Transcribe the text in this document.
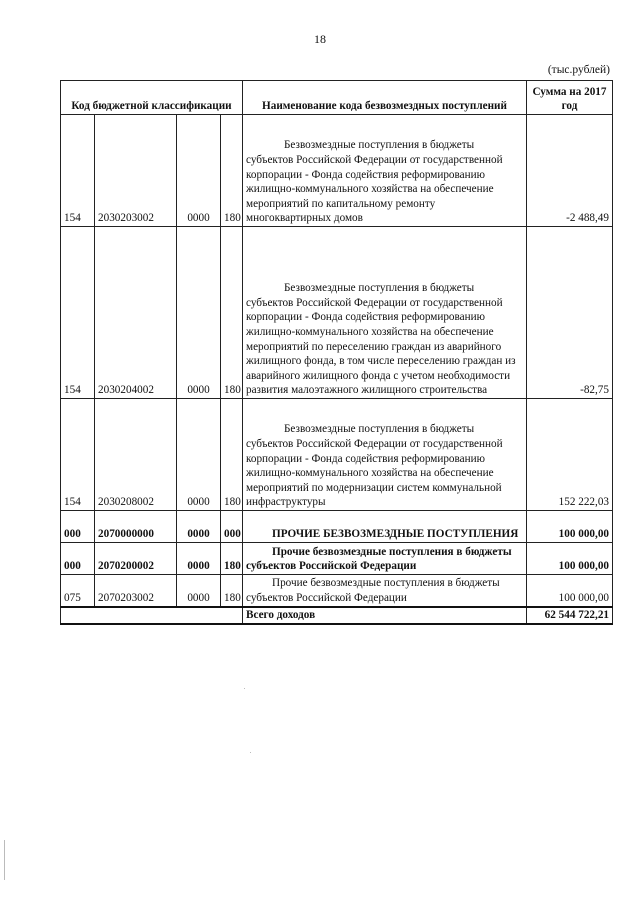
18
(тыс.рублей)
Код бюджетной классификации				Наименование кода безвозмездных поступлений	Сумма на 2017 год
154	2030203002	0000	180	Безвозмездные поступления в бюджеты субъектов Российской Федерации от государственной корпорации - Фонда содействия реформированию жилищно-коммунального хозяйства на обеспечение мероприятий по капитальному ремонту многоквартирных домов	-2 488,49
154	2030204002	0000	180	Безвозмездные поступления в бюджеты субъектов Российской Федерации от государственной корпорации - Фонда содействия реформированию жилищно-коммунального хозяйства на обеспечение мероприятий по переселению граждан из аварийного жилищного фонда, в том числе переселению граждан из аварийного жилищного фонда с учетом необходимости развития малоэтажного жилищного строительства	-82,75
154	2030208002	0000	180	Безвозмездные поступления в бюджеты субъектов Российской Федерации от государственной корпорации - Фонда содействия реформированию жилищно-коммунального хозяйства на обеспечение мероприятий по модернизации систем коммунальной инфраструктуры	152 222,03
000	2070000000	0000	000	ПРОЧИЕ БЕЗВОЗМЕЗДНЫЕ ПОСТУПЛЕНИЯ	100 000,00
000	2070200002	0000	180	Прочие безвозмездные поступления в бюджеты субъектов Российской Федерации	100 000,00
075	2070203002	0000	180	Прочие безвозмездные поступления в бюджеты субъектов Российской Федерации	100 000,00
				Всего доходов	62 544 722,21
